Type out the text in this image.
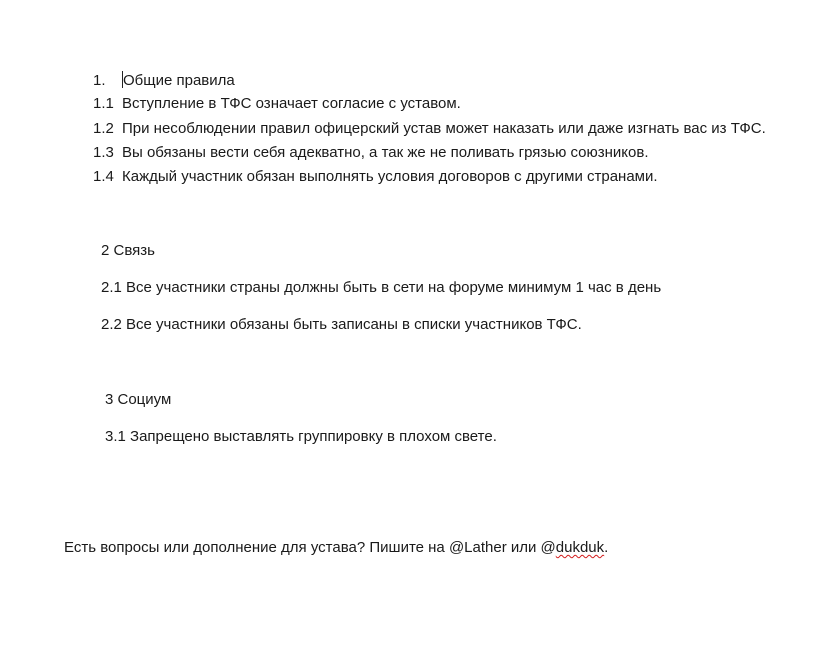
1. Общие правила
1.1 Вступление в ТФС означает согласие с уставом.
1.2 При несоблюдении правил офицерский устав может наказать или даже изгнать вас из ТФС.
1.3 Вы обязаны вести себя адекватно, а так же не поливать грязью союзников.
1.4 Каждый участник обязан выполнять условия договоров с другими странами.
2 Связь
2.1 Все участники страны должны быть в сети на форуме минимум 1 час в день
2.2 Все участники обязаны быть записаны в списки участников ТФС.
3 Социум
3.1 Запрещено выставлять группировку в плохом свете.
Есть вопросы или дополнение для устава? Пишите на @Lather или @dukduk.
